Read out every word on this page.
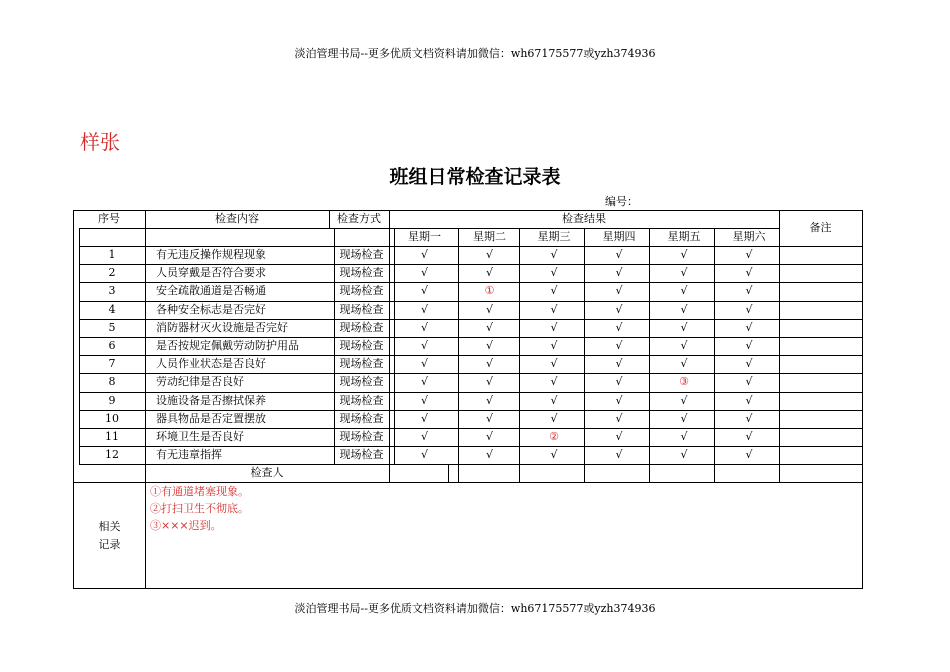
淡泊管理书局--更多优质文档资料请加微信：wh67175577或yzh374936
样张
班组日常检查记录表
编号：
序号	检查内容	检查方式	检查结果
备注
星期一	星期二	星期三	星期四	星期五	星期六
1	有无违反操作规程现象	现场检查	√	√	√	√	√	√
2	人员穿戴是否符合要求	现场检查	√	√	√	√	√	√
3	安全疏散通道是否畅通	现场检查	√	①	√	√	√	√
4	各种安全标志是否完好	现场检查	√	√	√	√	√	√
5	消防器材灭火设施是否完好	现场检查	√	√	√	√	√	√
6	是否按规定佩戴劳动防护用品	现场检查	√	√	√	√	√	√
7	人员作业状态是否良好	现场检查	√	√	√	√	√	√
8	劳动纪律是否良好	现场检查	√	√	√	√	③	√
9	设施设备是否擦拭保养	现场检查	√	√	√	√	√	√
10	器具物品是否定置摆放	现场检查	√	√	√	√	√	√
11	环境卫生是否良好	现场检查	√	√	②	√	√	√
12	有无违章指挥	现场检查	√	√	√	√	√	√
检查人
相关
记录
①有通道堵塞现象。
②打扫卫生不彻底。
③×××迟到。
淡泊管理书局--更多优质文档资料请加微信：wh67175577或yzh374936
